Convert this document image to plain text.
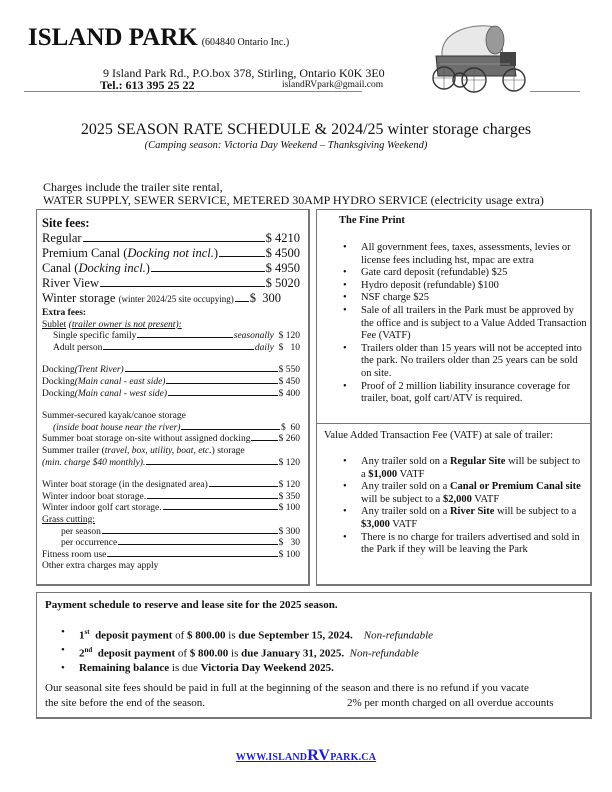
ISLAND PARK (604840 Ontario Inc.)
9 Island Park Rd., P.O.box 378, Stirling, Ontario K0K 3E0
Tel.: 613 395 25 22	islandRVpark@gmail.com
2025 SEASON RATE SCHEDULE & 2024/25 winter storage charges
(Camping season: Victoria Day Weekend – Thanksgiving Weekend)
Charges include the trailer site rental,
WATER SUPPLY, SEWER SERVICE, METERED 30AMP HYDRO SERVICE (electricity usage extra)
Site fees:
Regular	$ 4210
Premium Canal ( Docking not incl. )	$ 4500
Canal ( Docking incl. )	$ 4950
River View	$ 5020
Winter storage
(winter 2024/25 site occupying) $  300
Extra fees:
Sublet (trailer owner is not present):
Single specific family	seasonally
$ 120
Adult person	daily
$   10
Docking (Trent River)	$ 550
Docking (Main canal - east side)	$ 450
Docking (Main canal - west side)	$ 400
Summer-secured kayak/canoe storage
(inside boat house near the river)	$  60
Summer boat storage on-site without assigned docking	$ 260
Summer trailer (travel, box, utility, boat, etc.) storage
(min. charge $40 monthly).	$ 120
Winter boat storage (in the designated area)	$ 120
Winter indoor boat storage.	$ 350
Winter indoor golf cart storage.	$ 100
Grass cutting:
per season	$ 300
per occurrence	$   30
Fitness room use	$ 100
Other extra charges may apply
The Fine Print
• All government fees, taxes, assessments, levies or license fees including hst, mpac are extra
• Gate card deposit (refundable) $25
• Hydro deposit (refundable) $100
• NSF charge $25
• Sale of all trailers in the Park must be approved by the office and is subject to a Value Added Transaction Fee (VATF)
• Trailers older than 15 years will not be accepted into the park. No trailers older than 25 years can be sold on site.
• Proof of 2 million liability insurance coverage for trailer, boat, golf cart/ATV is required.
Value Added Transaction Fee (VATF) at sale of trailer:
• Any trailer sold on a Regular Site will be subject to a $1,000 VATF
• Any trailer sold on a Canal or Premium Canal site will be subject to a $2,000 VATF
• Any trailer sold on a River Site will be subject to a $3,000 VATF
• There is no charge for trailers advertised and sold in the Park if they will be leaving the Park
Payment schedule to reserve and lease site for the 2025 season.
• 1st deposit payment of $ 800.00 is due September 15, 2024. Non-refundable
• 2nd deposit payment of $ 800.00 is due January 31, 2025. Non-refundable
• Remaining balance is due Victoria Day Weekend 2025.
Our seasonal site fees should be paid in full at the beginning of the season and there is no refund if you vacate
the site before the end of the season.	2% per month charged on all overdue accounts
WWW.ISLANDRVPARK.CA
